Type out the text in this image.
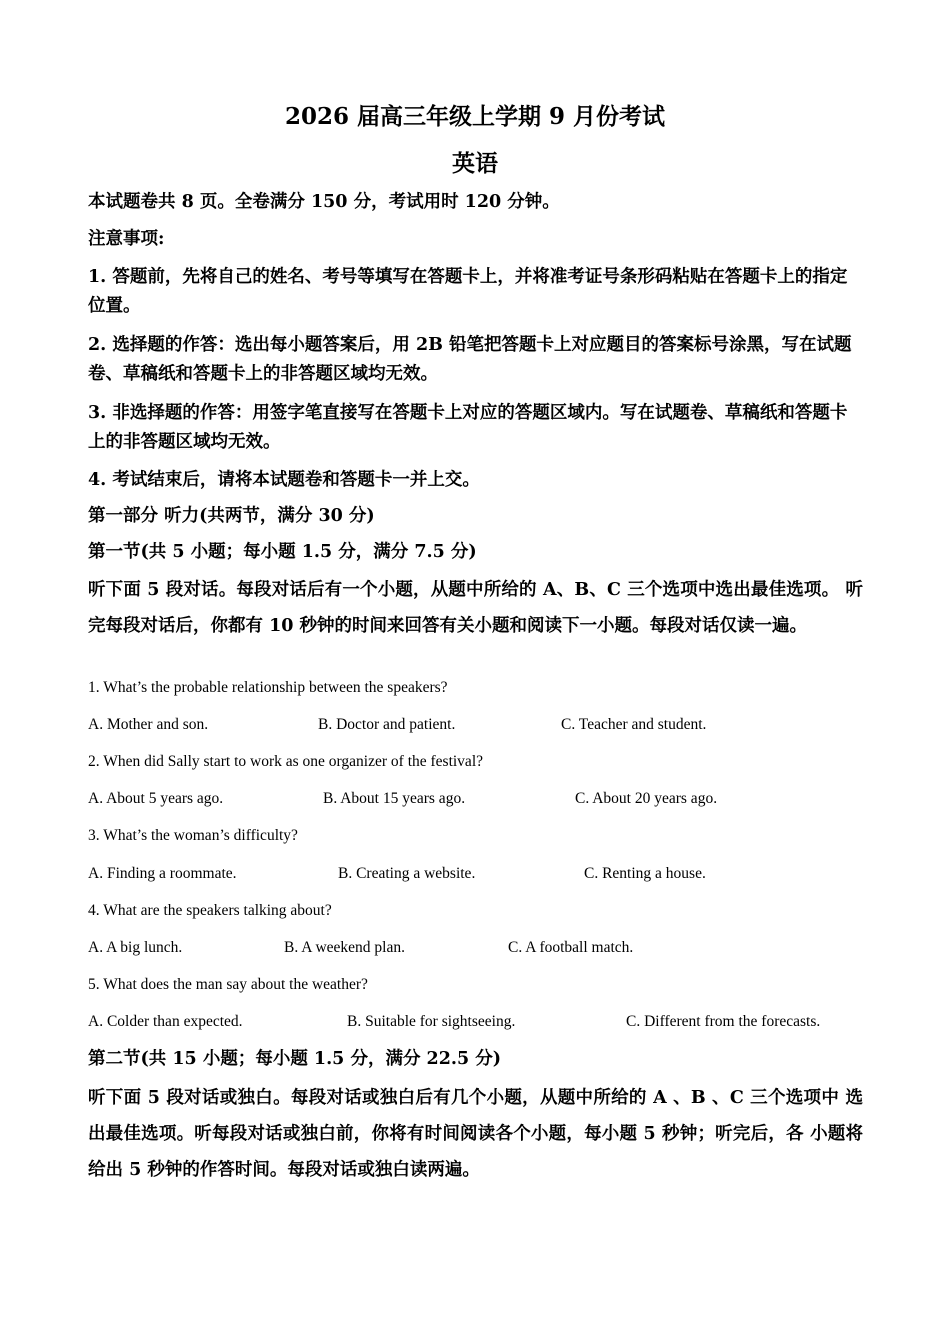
2026 届高三年级上学期 9 月份考试
英语
本试题卷共 8 页。全卷满分 150 分，考试用时 120 分钟。
注意事项:
1. 答题前，先将自己的姓名、考号等填写在答题卡上，并将准考证号条形码粘贴在答题卡上的指定位置。
2. 选择题的作答：选出每小题答案后，用 2B 铅笔把答题卡上对应题目的答案标号涂黑，写在试题卷、草稿纸和答题卡上的非答题区域均无效。
3. 非选择题的作答：用签字笔直接写在答题卡上对应的答题区域内。写在试题卷、草稿纸和答题卡上的非答题区域均无效。
4. 考试结束后，请将本试题卷和答题卡一并上交。
第一部分 听力(共两节，满分 30 分)
第一节(共 5 小题；每小题 1.5 分，满分 7.5 分)
听下面 5 段对话。每段对话后有一个小题，从题中所给的 A、B、C 三个选项中选出最佳选项。 听完每段对话后，你都有 10 秒钟的时间来回答有关小题和阅读下一小题。每段对话仅读一遍。
1. What’s the probable relationship between the speakers?
A. Mother and son.	B. Doctor and patient.	C. Teacher and student.
2. When did Sally start to work as one organizer of the festival?
A. About 5 years ago.	B. About 15 years ago.	C. About 20 years ago.
3. What’s the woman’s difficulty?
A. Finding a roommate.	B. Creating a website.	C. Renting a house.
4. What are the speakers talking about?
A. A big lunch.	B. A weekend plan.	C. A football match.
5. What does the man say about the weather?
A. Colder than expected.	B. Suitable for sightseeing.	C. Different from the forecasts.
第二节(共 15 小题；每小题 1.5 分，满分 22.5 分)
听下面 5 段对话或独白。每段对话或独白后有几个小题，从题中所给的 A 、B 、C 三个选项中 选出最佳选项。听每段对话或独白前，你将有时间阅读各个小题，每小题 5 秒钟；听完后，各 小题将给出 5 秒钟的作答时间。每段对话或独白读两遍。
